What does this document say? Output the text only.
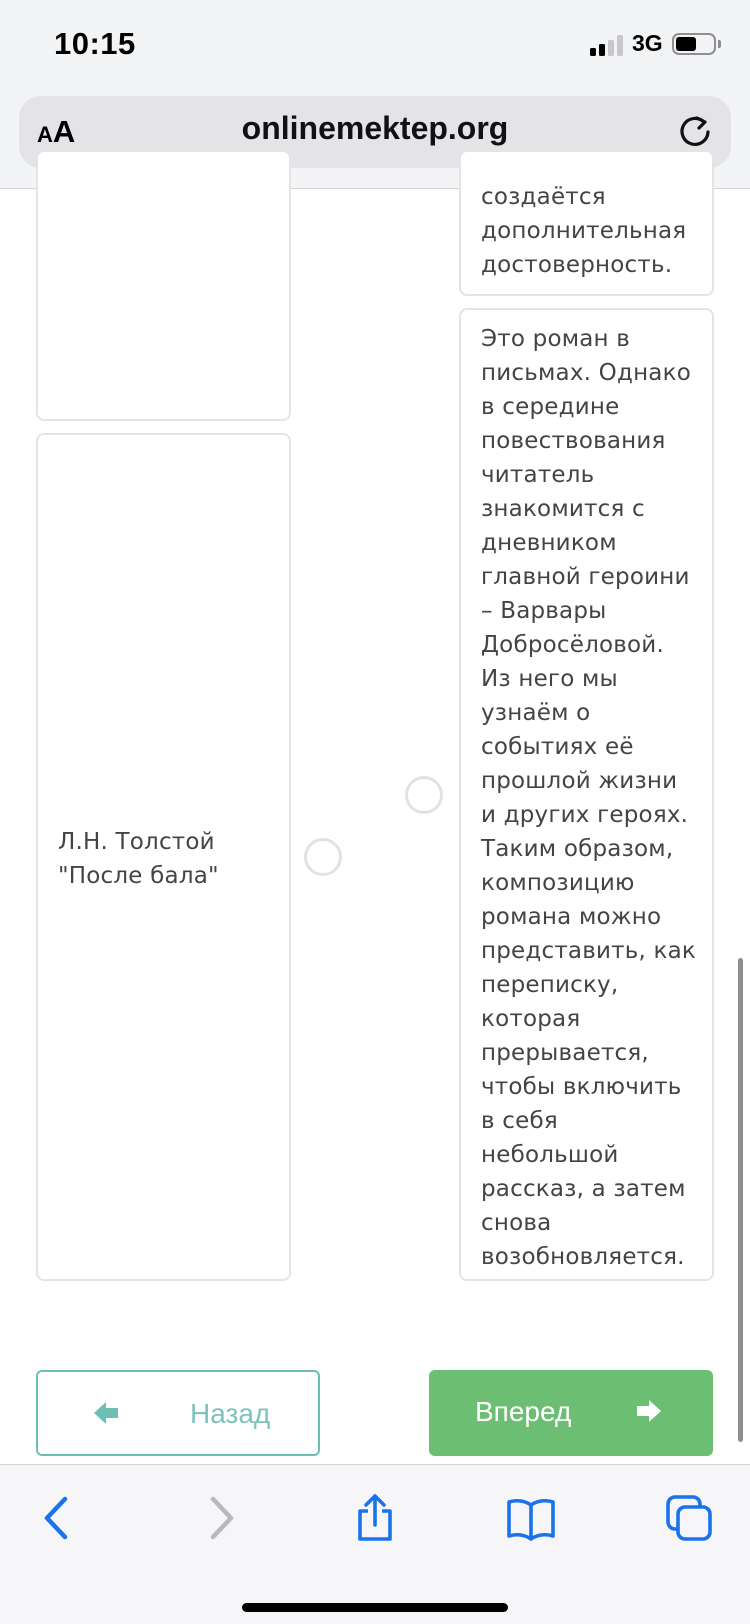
10:15	3G
AA	onlinemektep.org
создаётся
дополнительная
достоверность.
Л.Н. Толстой
"После бала"
Это роман в
письмах. Однако
в середине
повествования
читатель
знакомится с
дневником
главной героини
– Варвары
Добросёловой.
Из него мы
узнаём о
событиях её
прошлой жизни
и других героях.
Таким образом,
композицию
романа можно
представить, как
переписку,
которая
прерывается,
чтобы включить
в себя
небольшой
рассказ, а затем
снова
возобновляется.
Назад	Вперед
